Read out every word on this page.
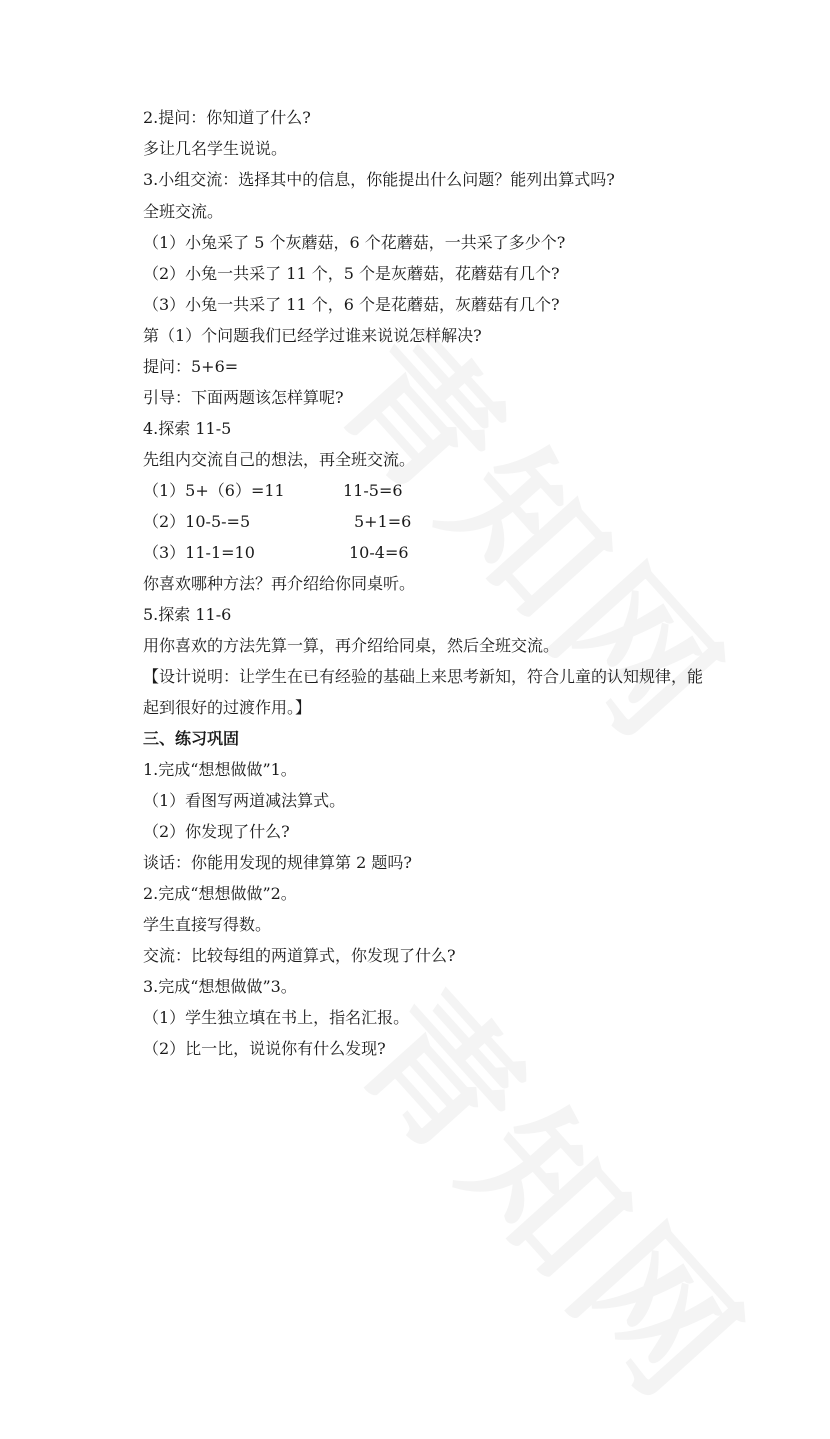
2.提问：你知道了什么?
多让几名学生说说。
3.小组交流：选择其中的信息，你能提出什么问题？能列出算式吗?
全班交流。
（1）小兔采了 5 个灰蘑菇，6 个花蘑菇，一共采了多少个?
（2）小兔一共采了 11 个，5 个是灰蘑菇，花蘑菇有几个?
（3）小兔一共采了 11 个，6 个是花蘑菇，灰蘑菇有几个?
第（1）个问题我们已经学过谁来说说怎样解决?
提问：5+6=
引导：下面两题该怎样算呢?
4.探索 11-5
先组内交流自己的想法，再全班交流。
（1）5+（6）=11	11-5=6
（2）10-5-=5	5+1=6
（3）11-1=10	10-4=6
你喜欢哪种方法？再介绍给你同桌听。
5.探索 11-6
用你喜欢的方法先算一算，再介绍给同桌，然后全班交流。
【设计说明：让学生在已有经验的基础上来思考新知，符合儿童的认知规律，能
起到很好的过渡作用。】
三、练习巩固
1.完成“想想做做”1。
（1）看图写两道减法算式。
（2）你发现了什么?
谈话：你能用发现的规律算第 2 题吗?
2.完成“想想做做”2。
学生直接写得数。
交流：比较每组的两道算式，你发现了什么?
3.完成“想想做做”3。
（1）学生独立填在书上，指名汇报。
（2）比一比，说说你有什么发现?
